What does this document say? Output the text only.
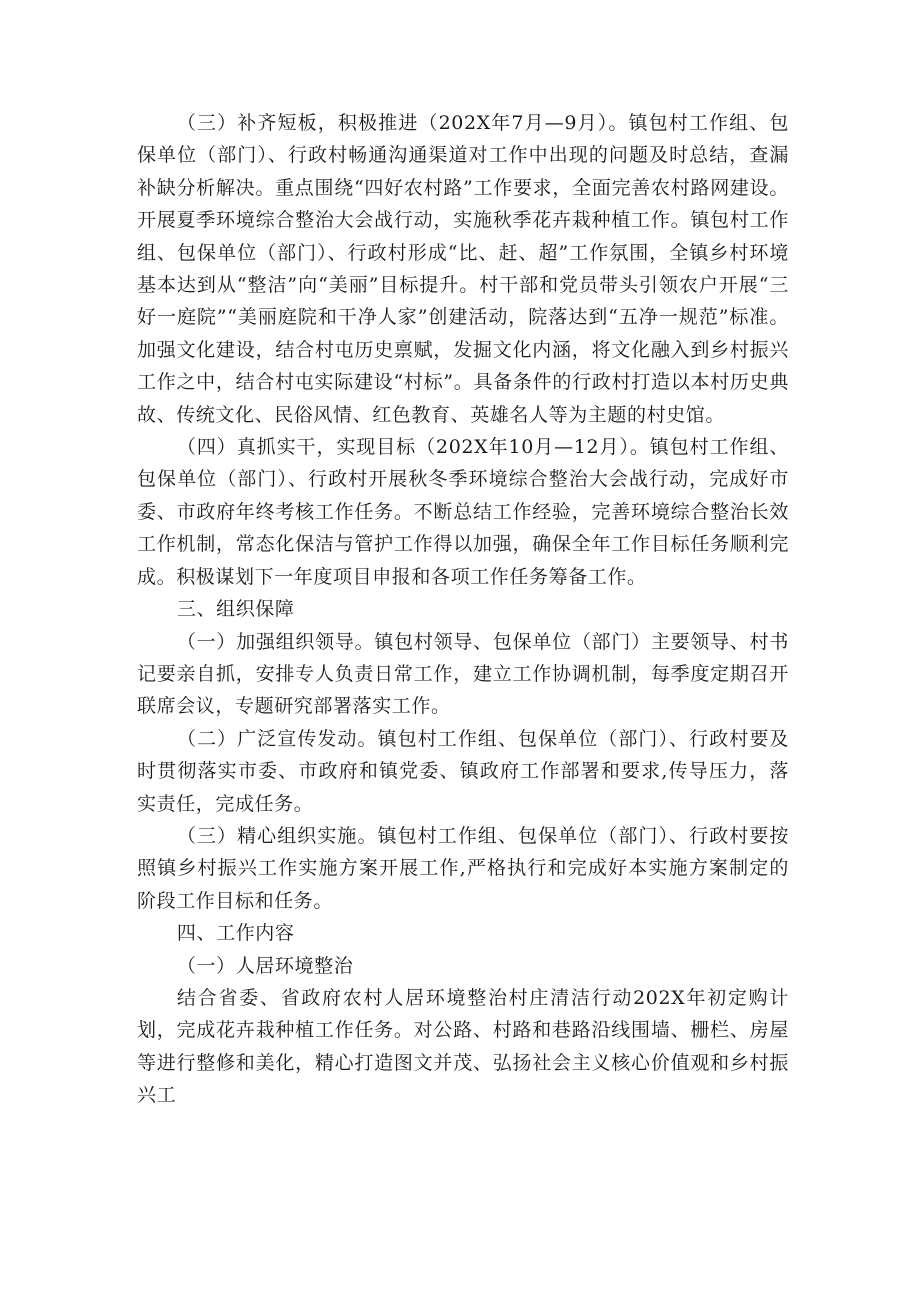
（三）补齐短板，积极推进（202X年7月—9月）。镇包村工作组、包保单位（部门）、行政村畅通沟通渠道对工作中出现的问题及时总结，查漏补缺分析解决。重点围绕“四好农村路”工作要求，全面完善农村路网建设。开展夏季环境综合整治大会战行动，实施秋季花卉栽种植工作。镇包村工作组、包保单位（部门）、行政村形成“比、赶、超”工作氛围，全镇乡村环境基本达到从“整洁”向“美丽”目标提升。村干部和党员带头引领农户开展“三好一庭院”“美丽庭院和干净人家”创建活动，院落达到“五净一规范”标准。加强文化建设，结合村屯历史禀赋，发掘文化内涵，将文化融入到乡村振兴工作之中，结合村屯实际建设“村标”。具备条件的行政村打造以本村历史典故、传统文化、民俗风情、红色教育、英雄名人等为主题的村史馆。

（四）真抓实干，实现目标（202X年10月—12月）。镇包村工作组、包保单位（部门）、行政村开展秋冬季环境综合整治大会战行动，完成好市委、市政府年终考核工作任务。不断总结工作经验，完善环境综合整治长效工作机制，常态化保洁与管护工作得以加强，确保全年工作目标任务顺利完成。积极谋划下一年度项目申报和各项工作任务筹备工作。

三、组织保障

（一）加强组织领导。镇包村领导、包保单位（部门）主要领导、村书记要亲自抓，安排专人负责日常工作，建立工作协调机制，每季度定期召开联席会议，专题研究部署落实工作。

（二）广泛宣传发动。镇包村工作组、包保单位（部门）、行政村要及时贯彻落实市委、市政府和镇党委、镇政府工作部署和要求,传导压力，落实责任，完成任务。

（三）精心组织实施。镇包村工作组、包保单位（部门）、行政村要按照镇乡村振兴工作实施方案开展工作,严格执行和完成好本实施方案制定的阶段工作目标和任务。

四、工作内容

（一）人居环境整治

结合省委、省政府农村人居环境整治村庄清洁行动202X年初定购计划，完成花卉栽种植工作任务。对公路、村路和巷路沿线围墙、栅栏、房屋等进行整修和美化，精心打造图文并茂、弘扬社会主义核心价值观和乡村振兴工
